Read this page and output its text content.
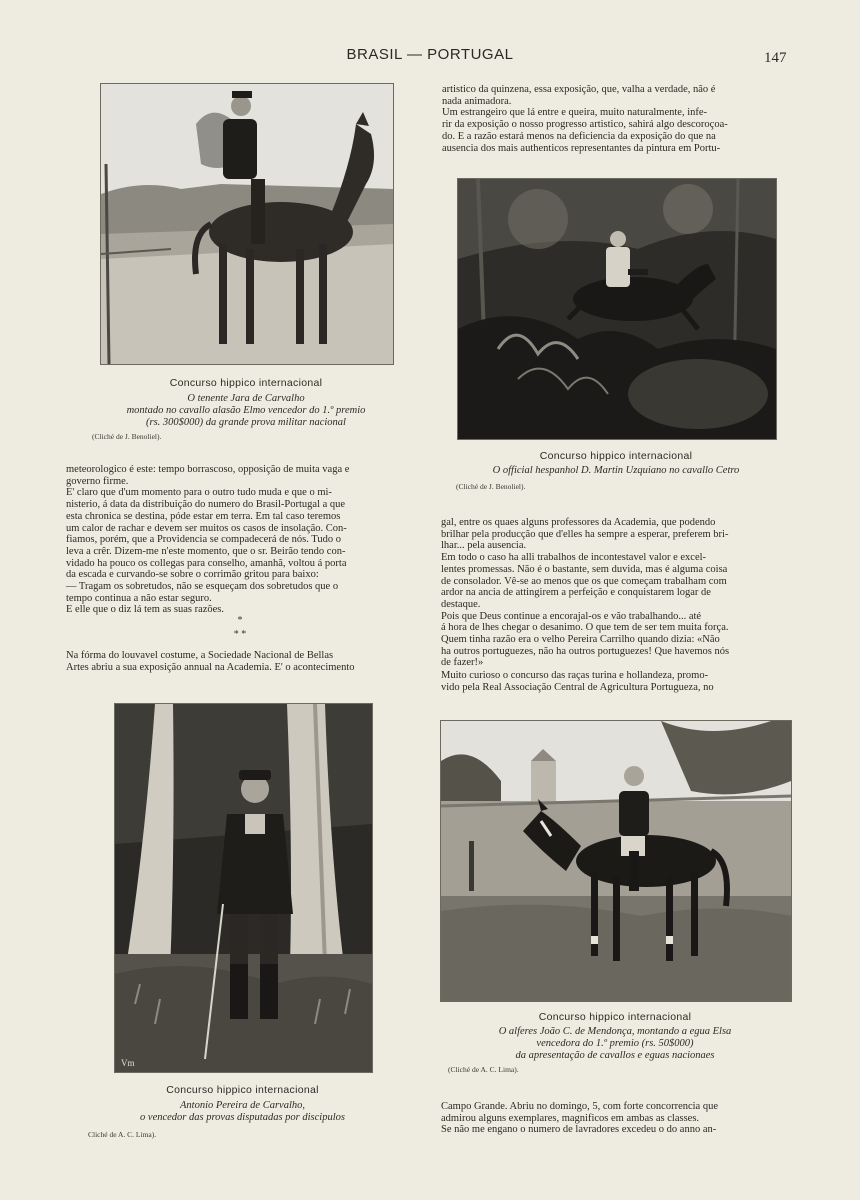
BRASIL — PORTUGAL	147
Concurso hippico internacional
O tenente Jara de Carvalho
montado no cavallo alasão Elmo vencedor do 1.º premio
(rs. 300$000) da grande prova militar nacional
(Cliché de J. Benoliel).
artistico da quinzena, essa exposição, que, valha a verdade, não é
nada animadora.
Um estrangeiro que lá entre e queira, muito naturalmente, infe-
rir da exposição o nosso progresso artistico, sahirá algo descoroçoa-
do. E a razão estará menos na deficiencia da exposição do que na
ausencia dos mais authenticos representantes da pintura em Portu-
Concurso hippico internacional
O official hespanhol D. Martin Uzquiano no cavallo Cetro
(Cliché de J. Benoliel).
meteorologico é este: tempo borrascoso, opposição de muita vaga e
governo firme.
E' claro que d'um momento para o outro tudo muda e que o mi-
nisterio, á data da distribuição do numero do Brasil-Portugal a que
esta chronica se destina, póde estar em terra. Em tal caso teremos
um calor de rachar e devem ser muitos os casos de insolação. Con-
fiamos, porém, que a Providencia se compadecerá de nós. Tudo o
leva a crêr. Dizem-me n'este momento, que o sr. Beirão tendo con-
vidado ha pouco os collegas para conselho, amanhã, voltou á porta
da escada e curvando-se sobre o corrimão gritou para baixo:
— Tragam os sobretudos, não se esqueçam dos sobretudos que o
tempo continua a não estar seguro.
E elle que o diz lá tem as suas razões.
*
* *
Na fórma do louvavel costume, a Sociedade Nacional de Bellas
Artes abriu a sua exposição annual na Academia. E' o acontecimento
gal, entre os quaes alguns professores da Academia, que podendo
brilhar pela producção que d'elles ha sempre a esperar, preferem bri-
lhar... pela ausencia.
Em todo o caso ha alli trabalhos de incontestavel valor e excel-
lentes promessas. Não é o bastante, sem duvida, mas é alguma coisa
de consolador. Vê-se ao menos que os que começam trabalham com
ardor na ancia de attingirem a perfeição e conquistarem logar de
destaque.
Pois que Deus continue a encorajal-os e vão trabalhando... até
á hora de lhes chegar o desanimo. O que tem de ser tem muita força.
Quem tinha razão era o velho Pereira Carrilho quando dizia: «Não
ha outros portuguezes, não ha outros portuguezes! Que havemos nós
de fazer!»
Muito curioso o concurso das raças turina e hollandeza, promo-
vido pela Real Associação Central de Agricultura Portugueza, no
Vm
Concurso hippico internacional
Antonio Pereira de Carvalho,
o vencedor das provas disputadas por discipulos
Cliché de A. C. Lima).
Concurso hippico internacional
O alferes João C. de Mendonça, montando a egua Elsa
vencedora do 1.º premio (rs. 50$000)
da apresentação de cavallos e eguas nacionaes
(Cliché de A. C. Lima).
Campo Grande. Abriu no domingo, 5, com forte concorrencia que
admirou alguns exemplares, magnificos em ambas as classes.
Se não me engano o numero de lavradores excedeu o do anno an-
